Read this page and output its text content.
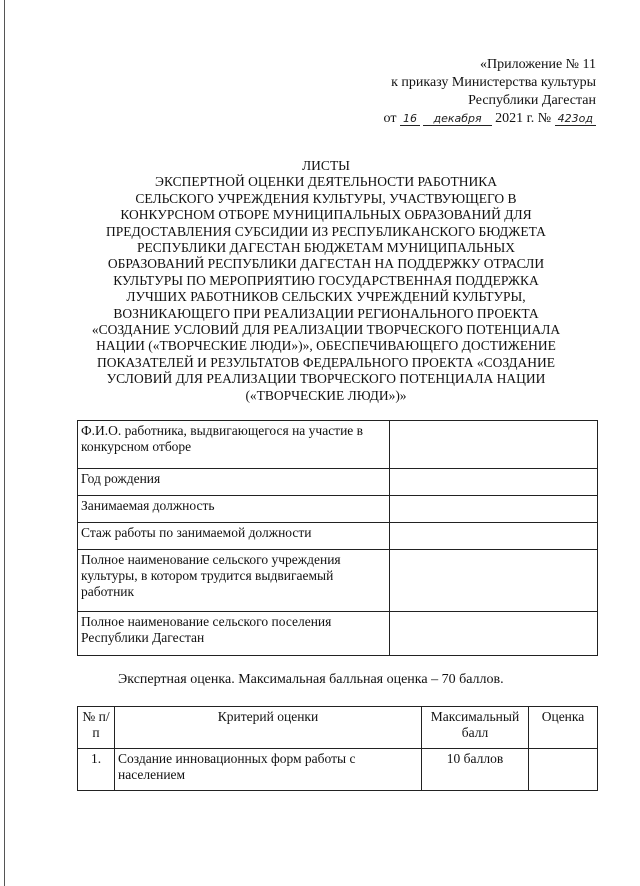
«Приложение № 11
к приказу Министерства культуры
Республики Дагестан
от 16 декабря 2021 г. № 423од
ЛИСТЫ
ЭКСПЕРТНОЙ ОЦЕНКИ ДЕЯТЕЛЬНОСТИ РАБОТНИКА
СЕЛЬСКОГО УЧРЕЖДЕНИЯ КУЛЬТУРЫ, УЧАСТВУЮЩЕГО В
КОНКУРСНОМ ОТБОРЕ МУНИЦИПАЛЬНЫХ ОБРАЗОВАНИЙ ДЛЯ
ПРЕДОСТАВЛЕНИЯ СУБСИДИИ ИЗ РЕСПУБЛИКАНСКОГО БЮДЖЕТА
РЕСПУБЛИКИ ДАГЕСТАН БЮДЖЕТАМ МУНИЦИПАЛЬНЫХ
ОБРАЗОВАНИЙ РЕСПУБЛИКИ ДАГЕСТАН НА ПОДДЕРЖКУ ОТРАСЛИ
КУЛЬТУРЫ ПО МЕРОПРИЯТИЮ ГОСУДАРСТВЕННАЯ ПОДДЕРЖКА
ЛУЧШИХ РАБОТНИКОВ СЕЛЬСКИХ УЧРЕЖДЕНИЙ КУЛЬТУРЫ,
ВОЗНИКАЮЩЕГО ПРИ РЕАЛИЗАЦИИ РЕГИОНАЛЬНОГО ПРОЕКТА
«СОЗДАНИЕ УСЛОВИЙ ДЛЯ РЕАЛИЗАЦИИ ТВОРЧЕСКОГО ПОТЕНЦИАЛА
НАЦИИ («ТВОРЧЕСКИЕ ЛЮДИ»)», ОБЕСПЕЧИВАЮЩЕГО ДОСТИЖЕНИЕ
ПОКАЗАТЕЛЕЙ И РЕЗУЛЬТАТОВ ФЕДЕРАЛЬНОГО ПРОЕКТА «СОЗДАНИЕ
УСЛОВИЙ ДЛЯ РЕАЛИЗАЦИИ ТВОРЧЕСКОГО ПОТЕНЦИАЛА НАЦИИ
(«ТВОРЧЕСКИЕ ЛЮДИ»)»
Ф.И.О. работника, выдвигающегося на участие в конкурсном отборе	
Год рождения	
Занимаемая должность	
Стаж работы по занимаемой должности	
Полное наименование сельского учреждения культуры, в котором трудится выдвигаемый работник	
Полное наименование сельского поселения Республики Дагестан	
Экспертная оценка. Максимальная балльная оценка – 70 баллов.
№ п/п	Критерий оценки	Максимальный балл	Оценка
1.	Создание инновационных форм работы с населением	10 баллов	
